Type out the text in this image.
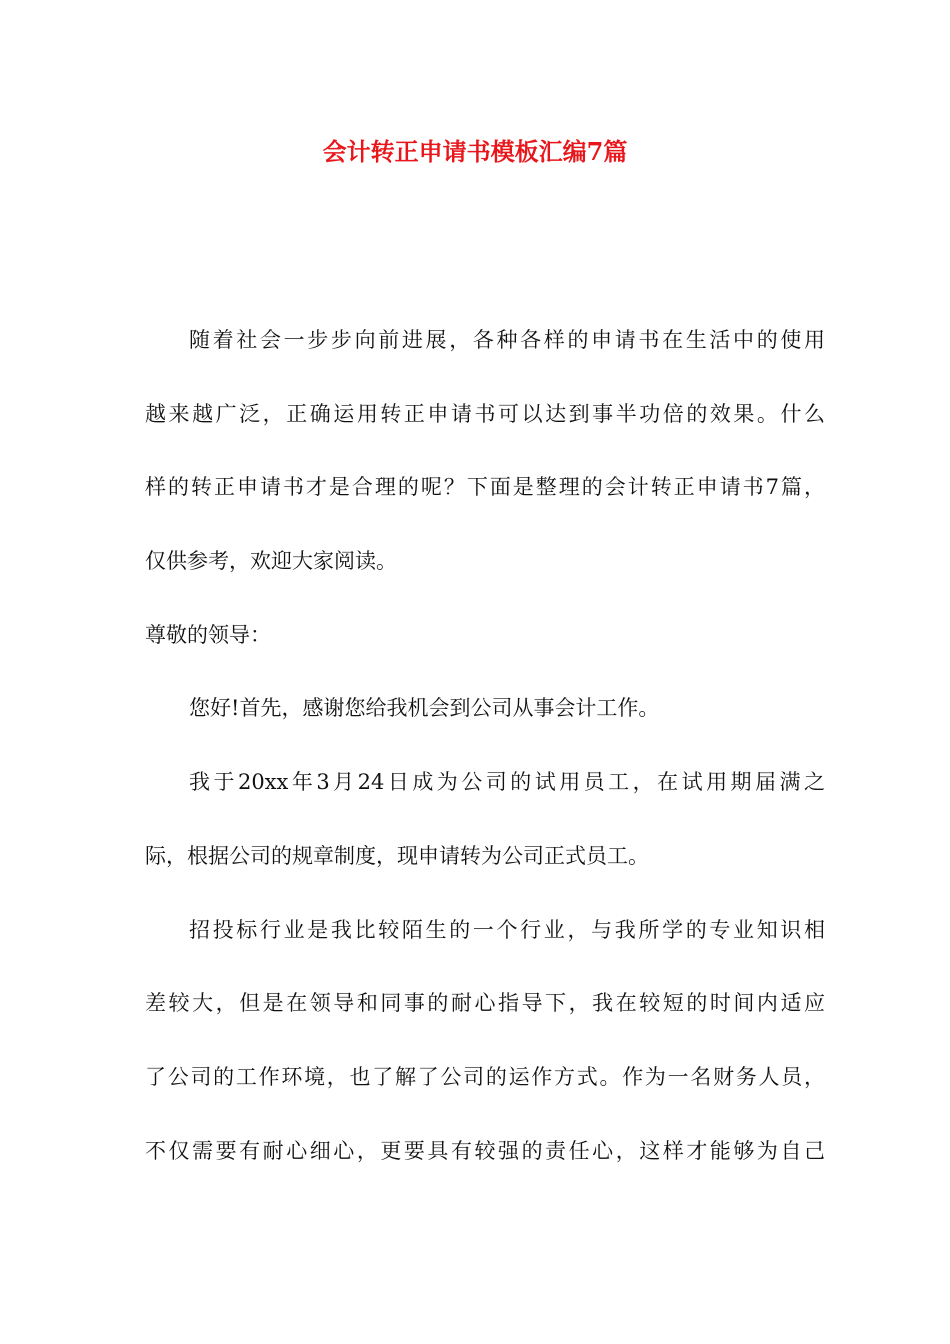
会计转正申请书模板汇编7篇
随着社会一步步向前进展，各种各样的申请书在生活中的使用
越来越广泛，正确运用转正申请书可以达到事半功倍的效果。什么
样的转正申请书才是合理的呢？下面是整理的会计转正申请书7篇，
仅供参考，欢迎大家阅读。
尊敬的领导：
您好!首先，感谢您给我机会到公司从事会计工作。
我于20xx年3月24日成为公司的试用员工，在试用期届满之
际，根据公司的规章制度，现申请转为公司正式员工。
招投标行业是我比较陌生的一个行业，与我所学的专业知识相
差较大，但是在领导和同事的耐心指导下，我在较短的时间内适应
了公司的工作环境，也了解了公司的运作方式。作为一名财务人员，
不仅需要有耐心细心，更要具有较强的责任心，这样才能够为自己
